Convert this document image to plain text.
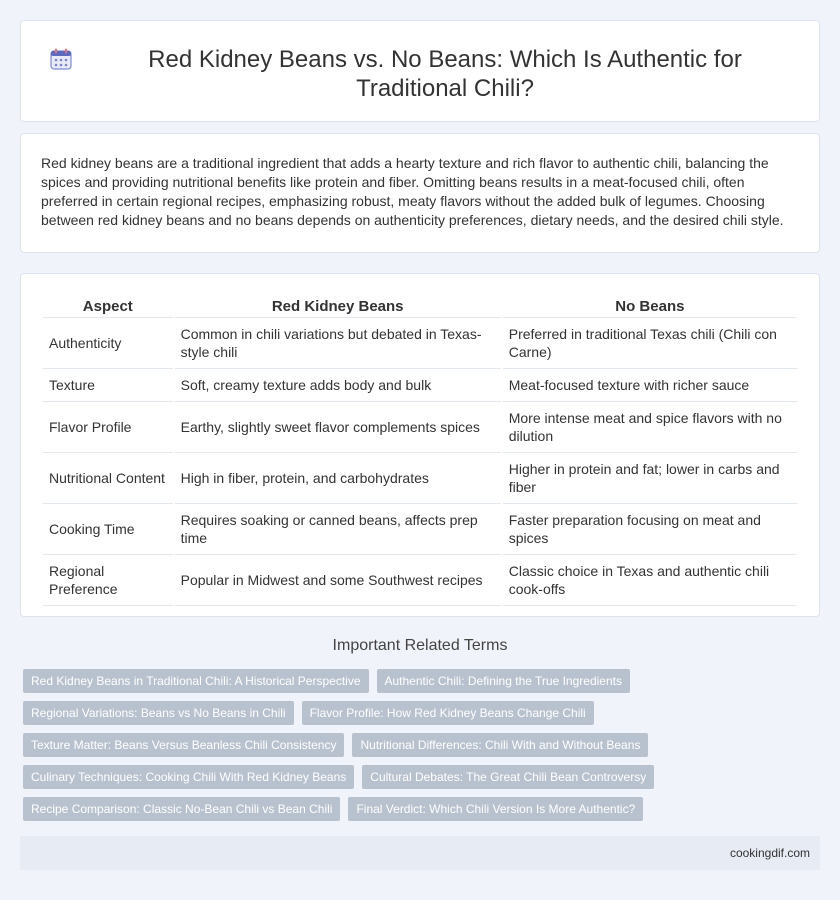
Red Kidney Beans vs. No Beans: Which Is Authentic for Traditional Chili?

Red kidney beans are a traditional ingredient that adds a hearty texture and rich flavor to authentic chili, balancing the spices and providing nutritional benefits like protein and fiber. Omitting beans results in a meat-focused chili, often preferred in certain regional recipes, emphasizing robust, meaty flavors without the added bulk of legumes. Choosing between red kidney beans and no beans depends on authenticity preferences, dietary needs, and the desired chili style.

Aspect	Red Kidney Beans	No Beans
Authenticity	Common in chili variations but debated in Texas-style chili	Preferred in traditional Texas chili (Chili con Carne)
Texture	Soft, creamy texture adds body and bulk	Meat-focused texture with richer sauce
Flavor Profile	Earthy, slightly sweet flavor complements spices	More intense meat and spice flavors with no dilution
Nutritional Content	High in fiber, protein, and carbohydrates	Higher in protein and fat; lower in carbs and fiber
Cooking Time	Requires soaking or canned beans, affects prep time	Faster preparation focusing on meat and spices
Regional Preference	Popular in Midwest and some Southwest recipes	Classic choice in Texas and authentic chili cook-offs
Important Related Terms
Red Kidney Beans in Traditional Chili: A Historical Perspective	Authentic Chili: Defining the True Ingredients
Regional Variations: Beans vs No Beans in Chili	Flavor Profile: How Red Kidney Beans Change Chili
Texture Matter: Beans Versus Beanless Chili Consistency	Nutritional Differences: Chili With and Without Beans
Culinary Techniques: Cooking Chili With Red Kidney Beans	Cultural Debates: The Great Chili Bean Controversy
Recipe Comparison: Classic No-Bean Chili vs Bean Chili	Final Verdict: Which Chili Version Is More Authentic?
cookingdif.com
